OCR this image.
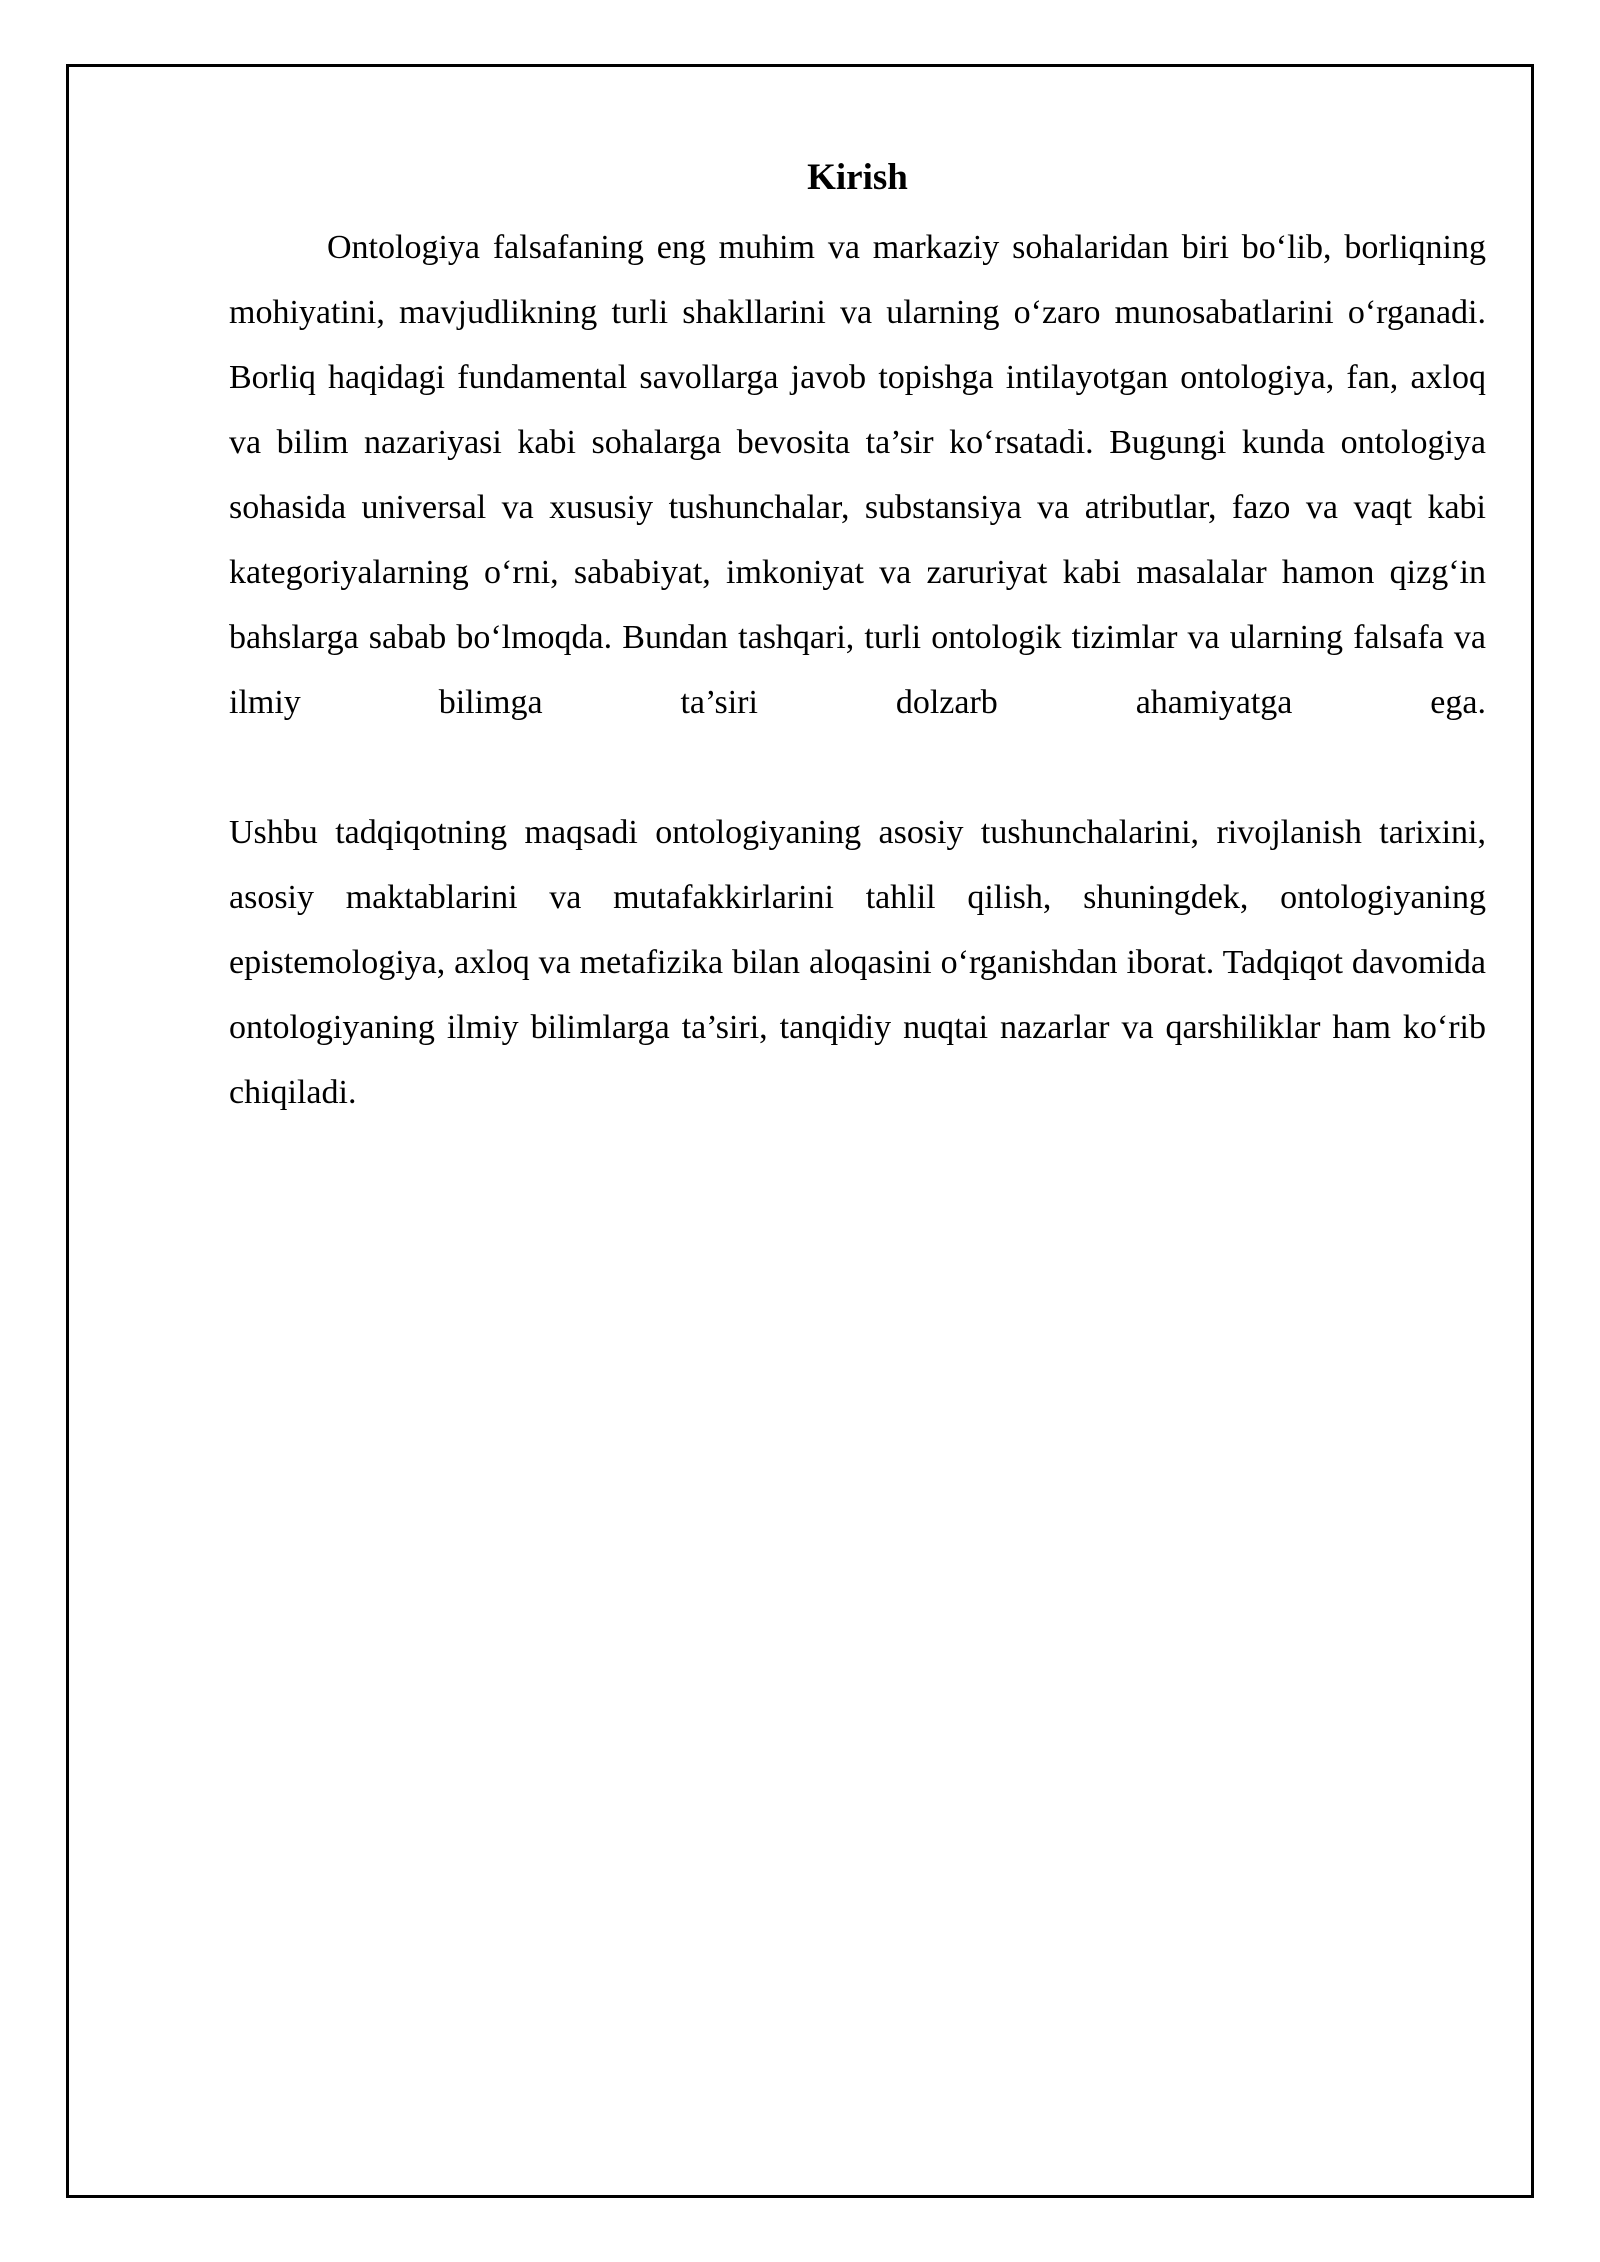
Kirish

Ontologiya falsafaning eng muhim va markaziy sohalaridan biri bo‘lib, borliqning mohiyatini, mavjudlikning turli shakllarini va ularning o‘zaro munosabatlarini o‘rganadi. Borliq haqidagi fundamental savollarga javob topishga intilayotgan ontologiya, fan, axloq va bilim nazariyasi kabi sohalarga bevosita ta’sir ko‘rsatadi. Bugungi kunda ontologiya sohasida universal va xususiy tushunchalar, substansiya va atributlar, fazo va vaqt kabi kategoriyalarning o‘rni, sababiyat, imkoniyat va zaruriyat kabi masalalar hamon qizg‘in bahslarga sabab bo‘lmoqda. Bundan tashqari, turli ontologik tizimlar va ularning falsafa va ilmiy bilimga ta’siri dolzarb ahamiyatga ega.

Ushbu tadqiqotning maqsadi ontologiyaning asosiy tushunchalarini, rivojlanish tarixini, asosiy maktablarini va mutafakkirlarini tahlil qilish, shuningdek, ontologiyaning epistemologiya, axloq va metafizika bilan aloqasini o‘rganishdan iborat. Tadqiqot davomida ontologiyaning ilmiy bilimlarga ta’siri, tanqidiy nuqtai nazarlar va qarshiliklar ham ko‘rib chiqiladi.
